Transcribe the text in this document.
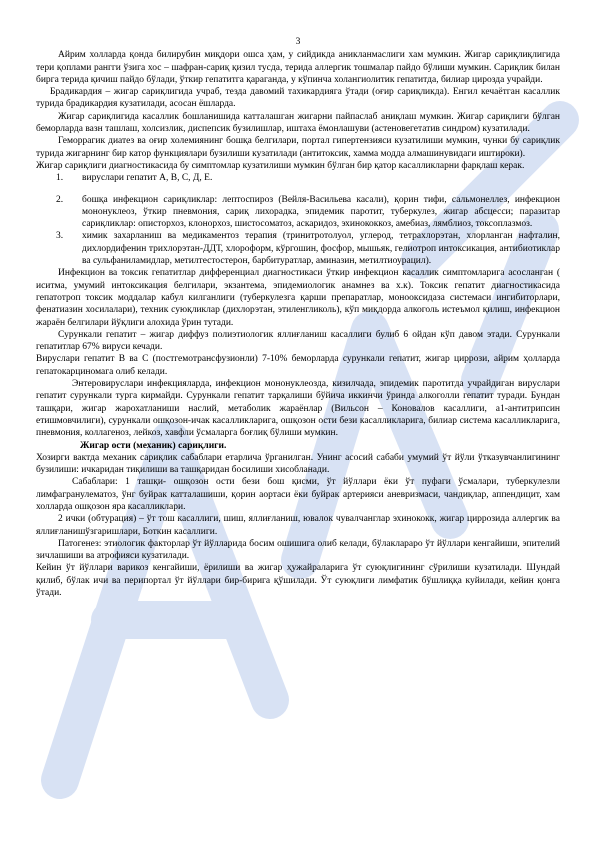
3

Айрим холларда қонда билирубин миқдори ошса ҳам, у сийдикда аникланмаслиги хам мумкин. Жигар сариқлиқлигида тери қоплами рангги ўзига хос – шафран-сариқ қизил тусда, терида аллергик тошмалар пайдо бўлиши мумкин. Сариқлик билан бирга терида қичиш пайдо бўлади, ўткир гепатитга қараганда, у кўпинча холангиолитик гепатитда, билиар цирозда учрайди.

Брадикардия – жигар сариқлигида учраб, тезда давомий тахикардияга ўтади (оғир сариқликда). Енгил кечаётган касаллик турида брадикардия кузатилади, асосан ёшларда.

Жигар сариқлигида касаллик бошланишида катталашган жигарни пайпаслаб аниқлаш мумкин. Жигар сариқлиги бўлган беморларда вазн ташлаш, холсизлик, диспепсик бузилишлар, иштаха ёмонлашуви (астеновегетатив синдром) кузатилади.

Геморрагик диатез ва оғир холемиянинг бошқа белгилари, портал гипертензияси кузатилиши мумкин, чунки бу сариқлик турида жигарнинг бир катор функциялари бузилиши кузатилади (антитоксик, хамма модда алмашинувидаги иштироки).

Жигар сариқлиги диагностикасида бу симптомлар кузатилиши мумкин бўлган бир қатор касалликларни фарқлаш керак.

1. вируслари гепатит А, В, С, Д, Е.
2. бошқа инфекцион сариқликлар: лептоспироз (Вейля-Васильева касали), қорин тифи, сальмонеллез, инфекцион мононуклеоз, ўткир пневмония, сариқ лихорадка, эпидемик паротит, туберкулез, жигар абсцесси; паразитар сариқликлар: описторхоз, клонорхоз, шистосоматоз, аскаридоз, эхинококкоз, амебиаз, лямблиоз, токсоплазмоз.
3. химик захарланиш ва медикаментоз терапия (тринитротолуол, углерод, тетрахлорэтан, хлорланган нафталин, дихлордифенин трихлорэтан-ДДТ, хлороформ, кўргошин, фосфор, мышьяк, гелиотроп интоксикация, антибиотиклар ва сульфаниламидлар, метилтестостерон, барбитуратлар, аминазин, метилтиоурацил).

Инфекцион ва токсик гепатитлар дифференциал диагностикаси ўткир инфекцион касаллик симптомларига асосланган ( иситма, умумий интоксикация белгилари, экзантема, эпидемиологик анамнез ва х.к). Токсик гепатит диагностикасида гепатотроп токсик моддалар кабул килганлиги (туберкулезга қарши препаратлар, моноокcидаза системаси ингибиторлари, фенатиазин хосилалари), техник суюқликлар (дихлорэтан, этиленгликоль), кўп миқдорда алкоголь истеъмол қилиш, инфекцион жараён белгилари йўқлиги алохида ўрин тутади.

Сурункали гепатит – жигар диффуз полиэтиологик яллиғланиш касаллиги булиб 6 ойдан кўп давом этади. Сурункали гепатитлар 67% вируси кечади.

Вируслари гепатит В ва С (постгемотрансфузионли) 7-10% беморларда сурункали гепатит, жигар циррози, айрим ҳолларда гепатокарциномага олиб келади.

Энтеровируслари инфекцияларда, инфекцион мононуклеозда, кизилчада, эпидемик паротитда учрайдиган вируслари гепатит сурункали турга кирмайди. Сурункали гепатит тарқалиши бўйича иккинчи ўринда алкоголли гепатит туради. Бундан ташқари, жигар жарохатланиши наслий, метаболик жараёнлар (Вильсон – Коновалов касаллиги, а1-антитрипсин етишмовчилиги), сурункали ошқозон-ичак касалликларига, ошқозон ости бези касалликларига, билиар система касалликларига, пневмония, коллагеноз, лейкоз, хавфли ўсмаларга боғлиқ бўлиши мумкин.

Жигар ости (механик) сариқлиги.

Хозирги вактда механик сариқлик сабаблари етарлича ўрганилган. Унинг асосий сабаби умумий ўт йўли ўтказувчанлигининг бузилиши: ичкаридан тиқилиши ва ташқаридан босилиши хисобланади.

Сабаблари: 1 ташқи- ошқозон ости бези бош қисми, ўт йўллари ёки ўт пуфаги ўсмалари, туберкулезли лимфагранулематоз, ўнг буйрак катталашиши, қорин аортаси ёки буйрак артерияси аневризмаси, чандиқлар, аппендицит, хам холларда ошқозон яра касалликлари.

2 ички (обтурация) – ўт тош касаллиги, шиш, яллиғланиш, ювалок чувалчанглар эхинококк, жигар циррозида аллергик ва яллиғланишўзгаришлари, Боткин касаллиги.

Патогенез: этиологик факторлар ўт йўлларида босим ошишига олиб келади, бўлакларaро ўт йўллари кенгайиши, эпителий зичлашиши ва атрофияси кузатилади.

Кейин ўт йўллари варикоз кенгайиши, ёрилиши ва жигар ҳужайраларига ўт суюқлигининг сўрилиши кузатилади. Шундай қилиб, бўлак ичи ва перипортал ўт йўллари бир-бирига қўшилади. Ўт суюқлиги лимфатик бўшлиққа куйилади, кейин қонга ўтади.
